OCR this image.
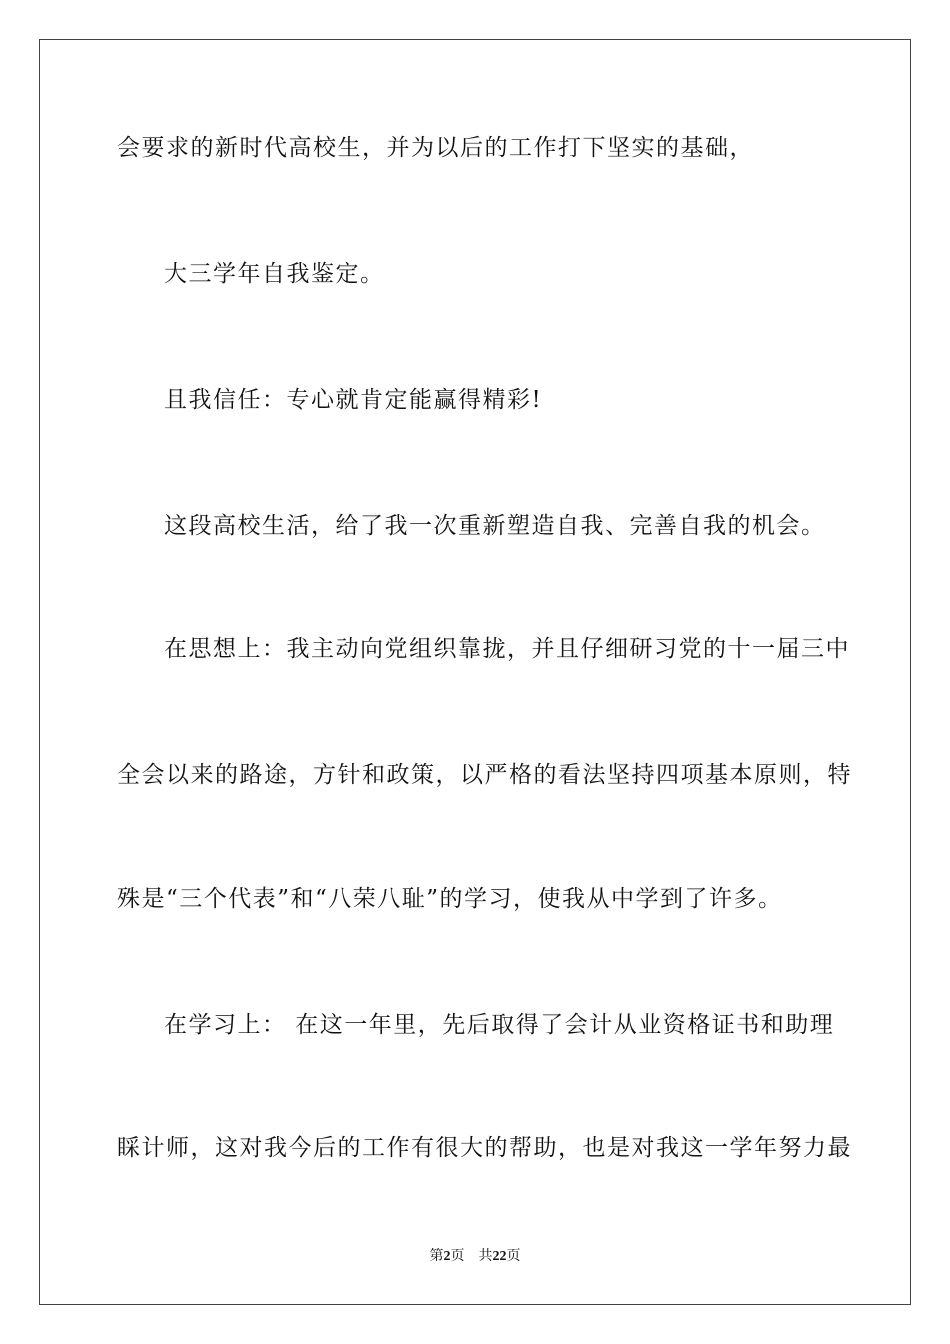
会要求的新时代高校生，并为以后的工作打下坚实的基础，
大三学年自我鉴定。
且我信任：专心就肯定能赢得精彩!
这段高校生活，给了我一次重新塑造自我、完善自我的机会。
在思想上：我主动向党组织靠拢，并且仔细研习党的十一届三中
全会以来的路途，方针和政策，以严格的看法坚持四项基本原则，特
殊是“三个代表”和“八荣八耻”的学习，使我从中学到了许多。
在学习上： 在这一年里，先后取得了会计从业资格证书和助理
睬计师，这对我今后的工作有很大的帮助，也是对我这一学年努力最
第2页 共22页
